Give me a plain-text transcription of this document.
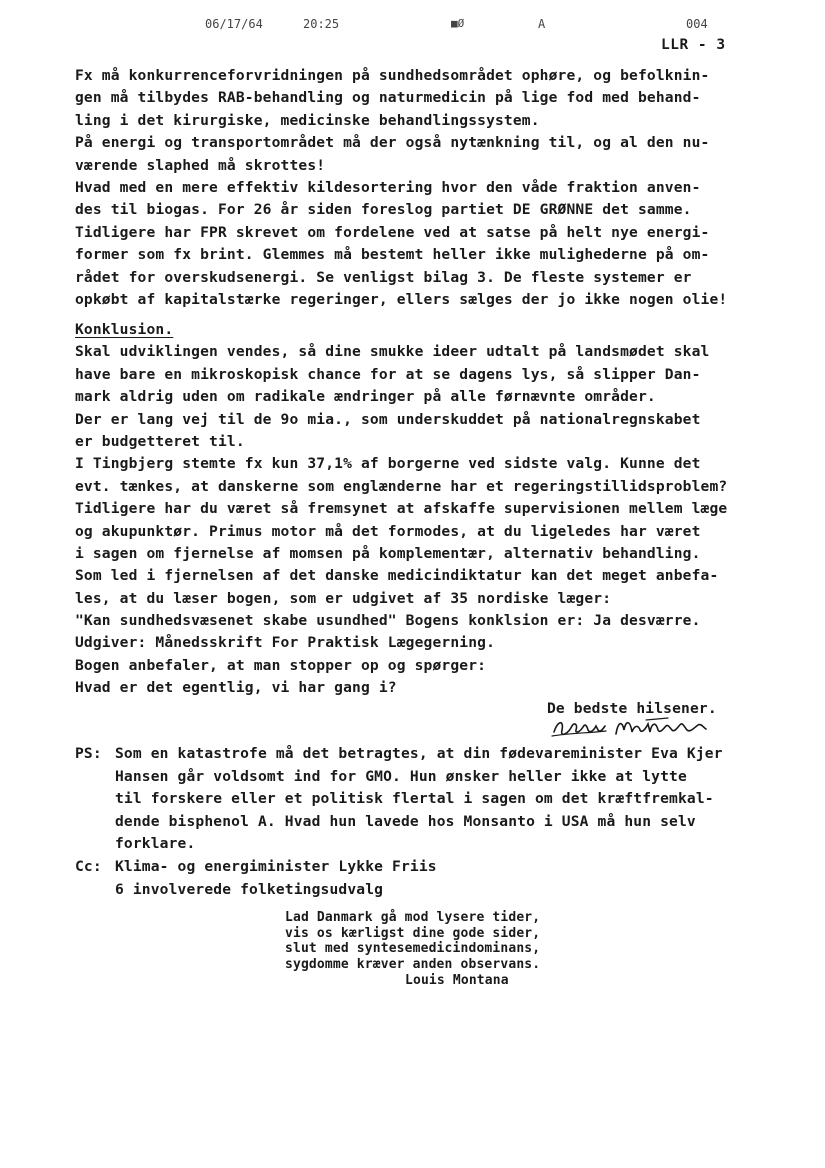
06/17/64	20:25	■Ø	A	004
LLR - 3
Fx må konkurrenceforvridningen på sundhedsområdet ophøre, og befolknin-
gen må tilbydes RAB-behandling og naturmedicin på lige fod med behand-
ling i det kirurgiske, medicinske behandlingssystem.
På energi og transportområdet må der også nytænkning til, og al den nu-
værende slaphed må skrottes!
Hvad med en mere effektiv kildesortering hvor den våde fraktion anven-
des til biogas. For 26 år siden foreslog partiet DE GRØNNE det samme.
Tidligere har FPR skrevet om fordelene ved at satse på helt nye energi-
former som fx brint. Glemmes må bestemt heller ikke mulighederne på om-
rådet for overskudsenergi. Se venligst bilag 3. De fleste systemer er
opkøbt af kapitalstærke regeringer, ellers sælges der jo ikke nogen olie!
Konklusion.
Skal udviklingen vendes, så dine smukke ideer udtalt på landsmødet skal
have bare en mikroskopisk chance for at se dagens lys, så slipper Dan-
mark aldrig uden om radikale ændringer på alle førnævnte områder.
Der er lang vej til de 9o mia., som underskuddet på nationalregnskabet
er budgetteret til.
I Tingbjerg stemte fx kun 37,1% af borgerne ved sidste valg. Kunne det
evt. tænkes, at danskerne som englænderne har et regeringstillidsproblem?
Tidligere har du været så fremsynet at afskaffe supervisionen mellem læge
og akupunktør. Primus motor må det formodes, at du ligeledes har været
i sagen om fjernelse af momsen på komplementær, alternativ behandling.
Som led i fjernelsen af det danske medicindiktatur kan det meget anbefa-
les, at du læser bogen, som er udgivet af 35 nordiske læger:
"Kan sundhedsvæsenet skabe usundhed" Bogens konklsion er: Ja desværre.
Udgiver: Månedsskrift For Praktisk Lægegerning.
Bogen anbefaler, at man stopper op og spørger:
Hvad er det egentlig, vi har gang i?
De bedste hilsener.
PS: Som en katastrofe må det betragtes, at din fødevareminister Eva Kjer
Hansen går voldsomt ind for GMO. Hun ønsker heller ikke at lytte
til forskere eller et politisk flertal i sagen om det kræftfremkal-
dende bisphenol A. Hvad hun lavede hos Monsanto i USA må hun selv
forklare.
Cc: Klima- og energiminister Lykke Friis
6 involverede folketingsudvalg
Lad Danmark gå mod lysere tider,
vis os kærligst dine gode sider,
slut med syntesemedicindominans,
sygdomme kræver anden observans.
Louis Montana
